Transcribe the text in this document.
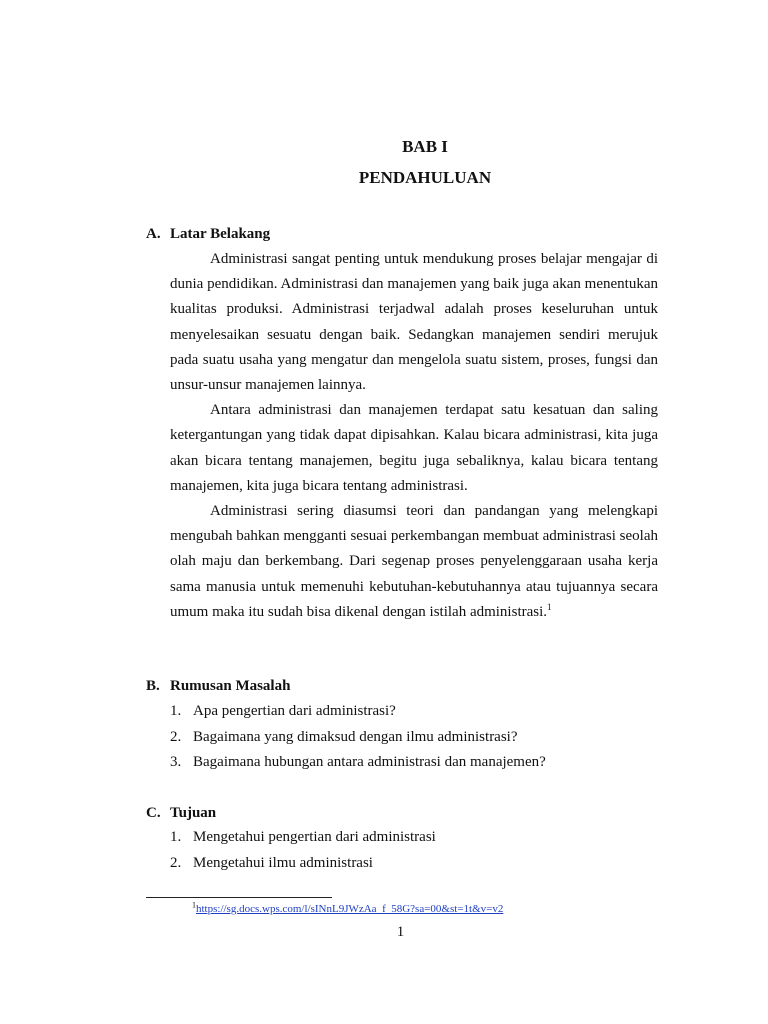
BAB I
PENDAHULUAN
A. Latar Belakang

Administrasi sangat penting untuk mendukung proses belajar mengajar di dunia pendidikan. Administrasi dan manajemen yang baik juga akan menentukan kualitas produksi. Administrasi terjadwal adalah proses keseluruhan untuk menyelesaikan sesuatu dengan baik. Sedangkan manajemen sendiri merujuk pada suatu usaha yang mengatur dan mengelola suatu sistem, proses, fungsi dan unsur-unsur manajemen lainnya.

Antara administrasi dan manajemen terdapat satu kesatuan dan saling ketergantungan yang tidak dapat dipisahkan. Kalau bicara administrasi, kita juga akan bicara tentang manajemen, begitu juga sebaliknya, kalau bicara tentang manajemen, kita juga bicara tentang administrasi.

Administrasi sering diasumsi teori dan pandangan yang melengkapi mengubah bahkan mengganti sesuai perkembangan membuat administrasi seolah olah maju dan berkembang. Dari segenap proses penyelenggaraan usaha kerja sama manusia untuk memenuhi kebutuhan-kebutuhannya atau tujuannya secara umum maka itu sudah bisa dikenal dengan istilah administrasi.$^1$

B. Rumusan Masalah
1. Apa pengertian dari administrasi?
2. Bagaimana yang dimaksud dengan ilmu administrasi?
3. Bagaimana hubungan antara administrasi dan manajemen?
C. Tujuan
1. Mengetahui pengertian dari administrasi
2. Mengetahui ilmu administrasi
$^1$https://sg.docs.wps.com/l/sINnL9JWzAa_f_58G?sa=00&st=1t&v=v2
1
